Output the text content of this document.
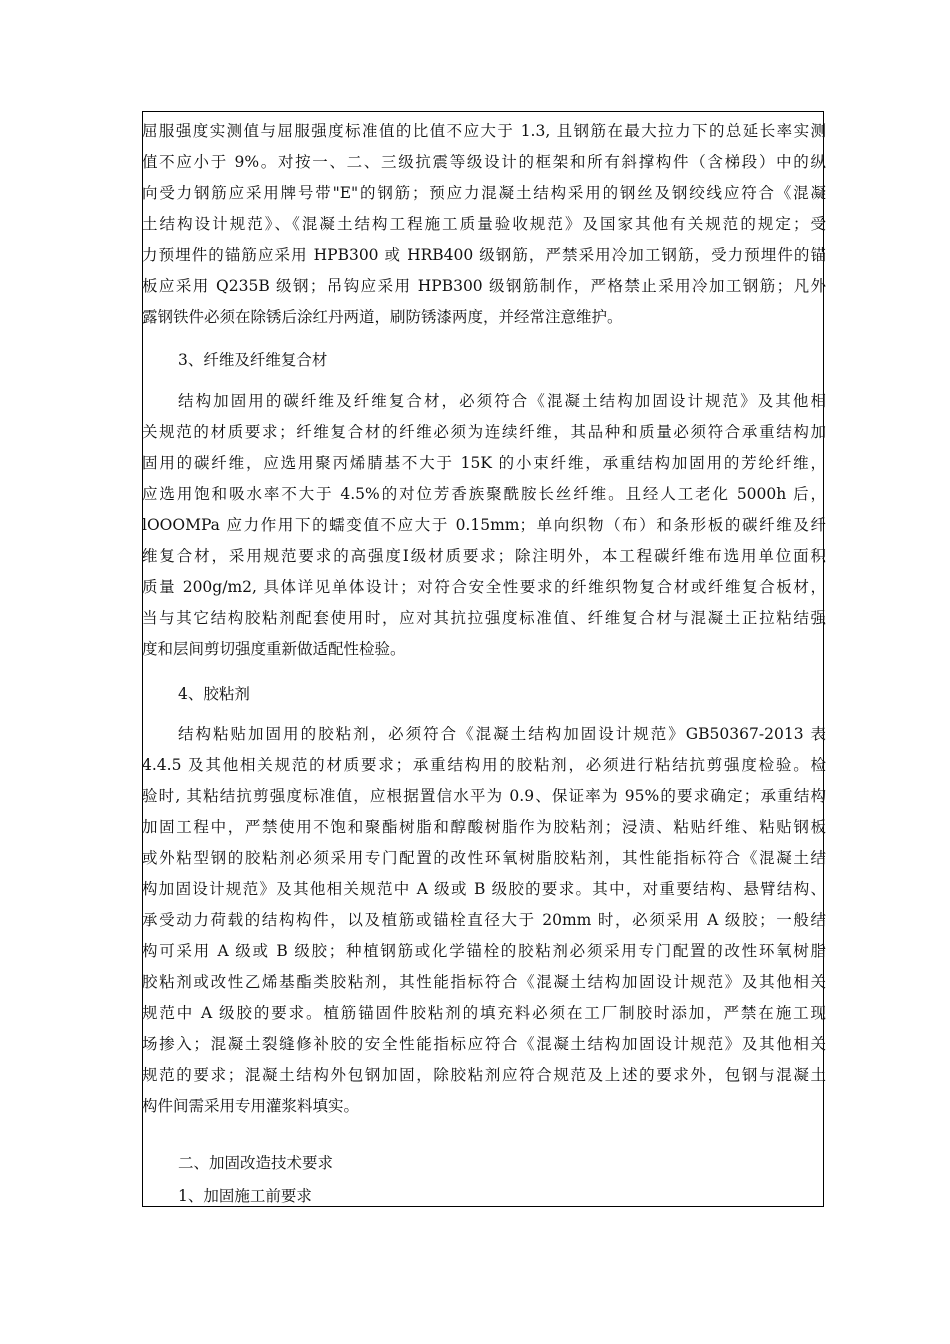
屈服强度实测值与屈服强度标准值的比值不应大于 1.3, 且钢筋在最大拉力下的总延长率实测
值不应小于 9%。对按一、二、三级抗震等级设计的框架和所有斜撑构件（含梯段）中的纵
向受力钢筋应采用牌号带"E"的钢筋；预应力混凝土结构采用的钢丝及钢绞线应符合《混凝
土结构设计规范》、《混凝土结构工程施工质量验收规范》及国家其他有关规范的规定；受
力预埋件的锚筋应采用 HPB300 或 HRB400 级钢筋，严禁采用冷加工钢筋，受力预埋件的锚
板应采用 Q235B 级钢；吊钩应采用 HPB300 级钢筋制作，严格禁止采用冷加工钢筋；凡外
露钢铁件必须在除锈后涂红丹两道，刷防锈漆两度，并经常注意维护。
3、纤维及纤维复合材
结构加固用的碳纤维及纤维复合材，必须符合《混凝土结构加固设计规范》及其他相
关规范的材质要求；纤维复合材的纤维必须为连续纤维，其品种和质量必须符合承重结构加
固用的碳纤维，应选用聚丙烯腈基不大于 15K 的小束纤维，承重结构加固用的芳纶纤维，
应选用饱和吸水率不大于 4.5%的对位芳香族聚酰胺长丝纤维。且经人工老化 5000h 后，
lOOOMPa 应力作用下的蠕变值不应大于 0.15mm；单向织物（布）和条形板的碳纤维及纤
维复合材，采用规范要求的高强度Ⅰ级材质要求；除注明外，本工程碳纤维布选用单位面积
质量 200g/m2, 具体详见单体设计；对符合安全性要求的纤维织物复合材或纤维复合板材，
当与其它结构胶粘剂配套使用时，应对其抗拉强度标准值、纤维复合材与混凝土正拉粘结强
度和层间剪切强度重新做适配性检验。
4、胶粘剂
结构粘贴加固用的胶粘剂，必须符合《混凝土结构加固设计规范》GB50367-2013 表
4.4.5 及其他相关规范的材质要求；承重结构用的胶粘剂，必须进行粘结抗剪强度检验。检
验时, 其粘结抗剪强度标准值，应根据置信水平为 0.9、保证率为 95%的要求确定；承重结构
加固工程中，严禁使用不饱和聚酯树脂和醇酸树脂作为胶粘剂；浸渍、粘贴纤维、粘贴钢板
或外粘型钢的胶粘剂必须采用专门配置的改性环氧树脂胶粘剂，其性能指标符合《混凝土结
构加固设计规范》及其他相关规范中 A 级或 B 级胶的要求。其中，对重要结构、悬臂结构、
承受动力荷载的结构构件，以及植筋或锚栓直径大于 20mm 时，必须采用 A 级胶；一般结
构可采用 A 级或 B 级胶；种植钢筋或化学锚栓的胶粘剂必须采用专门配置的改性环氧树脂
胶粘剂或改性乙烯基酯类胶粘剂，其性能指标符合《混凝土结构加固设计规范》及其他相关
规范中 A 级胶的要求。植筋锚固件胶粘剂的填充料必须在工厂制胶时添加，严禁在施工现
场掺入；混凝土裂缝修补胶的安全性能指标应符合《混凝土结构加固设计规范》及其他相关
规范的要求；混凝土结构外包钢加固，除胶粘剂应符合规范及上述的要求外，包钢与混凝土
构件间需采用专用灌浆料填实。
二、加固改造技术要求
1、加固施工前要求
